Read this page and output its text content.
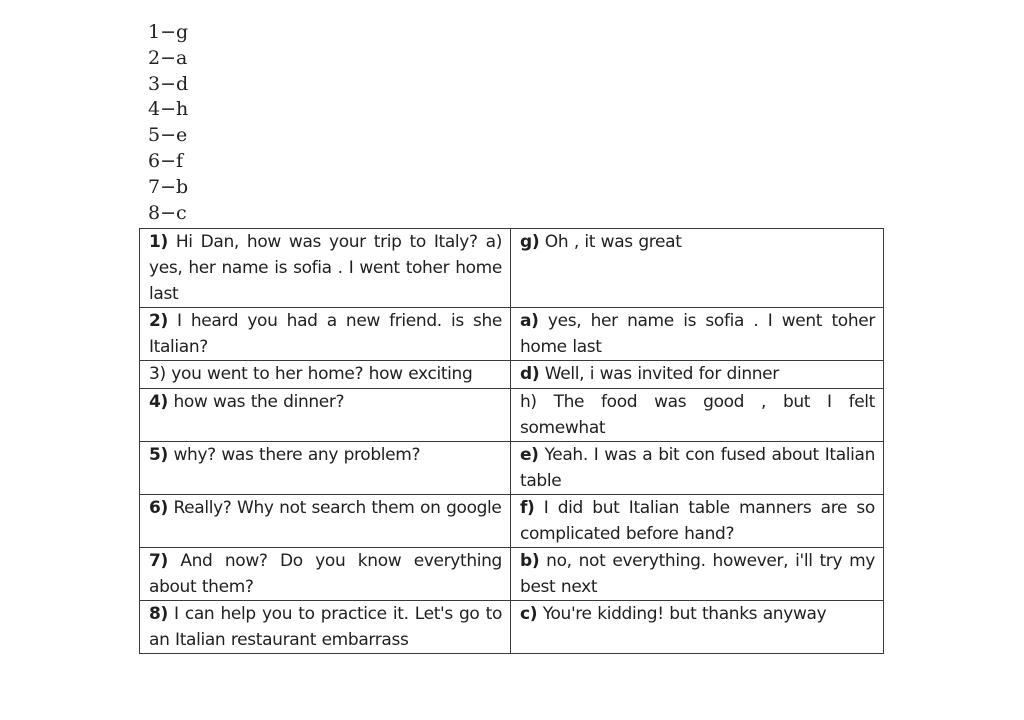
1−g
2−a
3−d
4−h
5−e
6−f
7−b
8−c
1) Hi Dan, how was your trip to Italy? a) yes, her name is sofia . I went toher home last	g) Oh , it was great
2) I heard you had a new friend. is she Italian?	a) yes, her name is sofia . I went toher home last
3) you went to her home? how exciting	d) Well, i was invited for dinner
4) how was the dinner?	h) The food was good , but I felt somewhat
5) why? was there any problem?	e) Yeah. I was a bit con fused about Italian table
6) Really? Why not search them on google	f) I did but Italian table manners are so complicated before hand?
7) And now? Do you know everything about them?	b) no, not everything. however, i'll try my best next
8) I can help you to practice it. Let's go to an Italian restaurant embarrass	c) You're kidding! but thanks anyway
